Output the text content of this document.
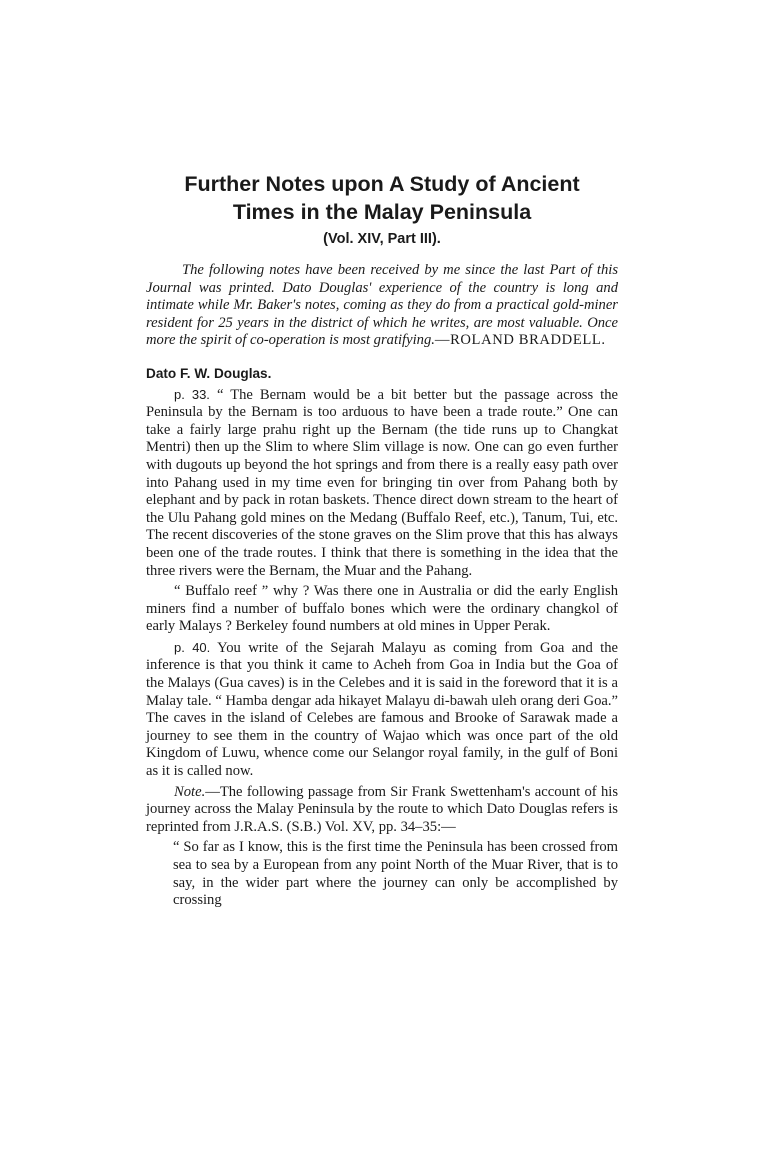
Further Notes upon A Study of Ancient
Times in the Malay Peninsula
(Vol. XIV, Part III).

The following notes have been received by me since the last Part of this Journal was printed. Dato Douglas' experience of the country is long and intimate while Mr. Baker's notes, coming as they do from a practical gold-miner resident for 25 years in the district of which he writes, are most valuable. Once more the spirit of co-operation is most gratifying.—ROLAND BRADDELL.

Dato F. W. Douglas.

p. 33. “ The Bernam would be a bit better but the passage across the Peninsula by the Bernam is too arduous to have been a trade route.” One can take a fairly large prahu right up the Bernam (the tide runs up to Changkat Mentri) then up the Slim to where Slim village is now. One can go even further with dugouts up beyond the hot springs and from there is a really easy path over into Pahang used in my time even for bringing tin over from Pahang both by elephant and by pack in rotan baskets. Thence direct down stream to the heart of the Ulu Pahang gold mines on the Medang (Buffalo Reef, etc.), Tanum, Tui, etc. The recent discoveries of the stone graves on the Slim prove that this has always been one of the trade routes. I think that there is something in the idea that the three rivers were the Bernam, the Muar and the Pahang.

“ Buffalo reef ” why ? Was there one in Australia or did the early English miners find a number of buffalo bones which were the ordinary changkol of early Malays ? Berkeley found numbers at old mines in Upper Perak.

p. 40. You write of the Sejarah Malayu as coming from Goa and the inference is that you think it came to Acheh from Goa in India but the Goa of the Malays (Gua caves) is in the Celebes and it is said in the foreword that it is a Malay tale. “ Hamba dengar ada hikayet Malayu di-bawah uleh orang deri Goa.” The caves in the island of Celebes are famous and Brooke of Sarawak made a journey to see them in the country of Wajao which was once part of the old Kingdom of Luwu, whence come our Selangor royal family, in the gulf of Boni as it is called now.

Note.—The following passage from Sir Frank Swettenham's account of his journey across the Malay Peninsula by the route to which Dato Douglas refers is reprinted from J.R.A.S. (S.B.) Vol. XV, pp. 34–35:—

“ So far as I know, this is the first time the Peninsula has been crossed from sea to sea by a European from any point North of the Muar River, that is to say, in the wider part where the journey can only be accomplished by crossing
